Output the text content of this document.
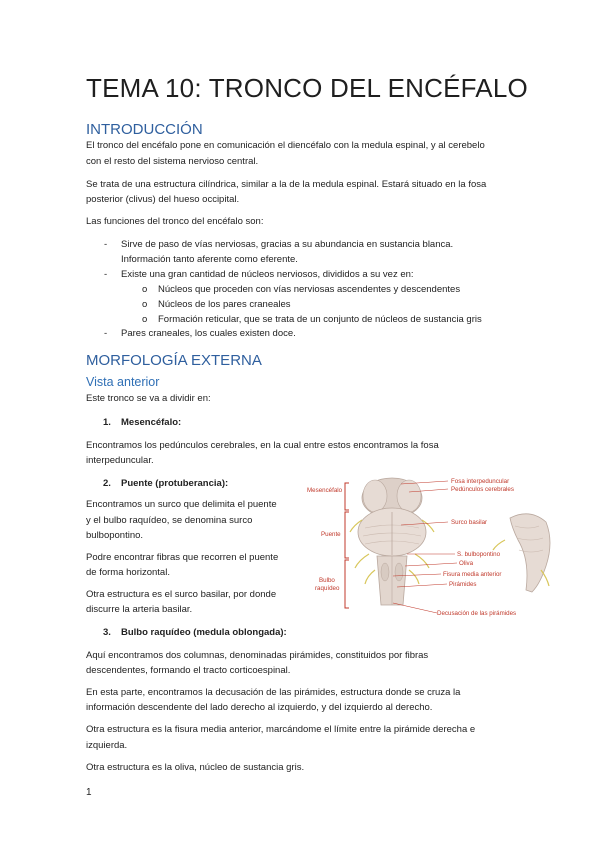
TEMA 10: TRONCO DEL ENCÉFALO
INTRODUCCIÓN

El tronco del encéfalo pone en comunicación el diencéfalo con la medula espinal, y al cerebelo

con el resto del sistema nervioso central.

Se trata de una estructura cilíndrica, similar a la de la medula espinal. Estará situado en la fosa

posterior (clivus) del hueso occipital.

Las funciones del tronco del encéfalo son:

- Sirve de paso de vías nerviosas, gracias a su abundancia en sustancia blanca.

Información tanto aferente como eferente.

- Existe una gran cantidad de núcleos nerviosos, divididos a su vez en:

o Núcleos que proceden con vías nerviosas ascendentes y descendentes

o Núcleos de los pares craneales

o Formación reticular, que se trata de un conjunto de núcleos de sustancia gris

- Pares craneales, los cuales existen doce.

MORFOLOGÍA EXTERNA
Vista anterior

Este tronco se va a dividir en:

1. Mesencéfalo:

Encontramos los pedúnculos cerebrales, en la cual entre estos encontramos la fosa

interpeduncular.

2. Puente (protuberancia):

Encontramos un surco que delimita el puente

y el bulbo raquídeo, se denomina surco

bulbopontino.

Podre encontrar fibras que recorren el puente

de forma horizontal.

Otra estructura es el surco basilar, por donde

discurre la arteria basilar.

3. Bulbo raquídeo (medula oblongada):

Aquí encontramos dos columnas, denominadas pirámides, constituidos por fibras

descendentes, formando el tracto corticoespinal.

En esta parte, encontramos la decusación de las pirámides, estructura donde se cruza la

información descendente del lado derecho al izquierdo, y del izquierdo al derecho.

Otra estructura es la fisura media anterior, marcándome el límite entre la pirámide derecha e

izquierda.

Otra estructura es la oliva, núcleo de sustancia gris.

Mesencéfalo
Puente
Bulbo
raquídeo
Fosa interpeduncular
Pedúnculos cerebrales
Surco basilar
S. bulbopontino
Oliva
Fisura media anterior
Pirámides
Decusación de las pirámides
1
